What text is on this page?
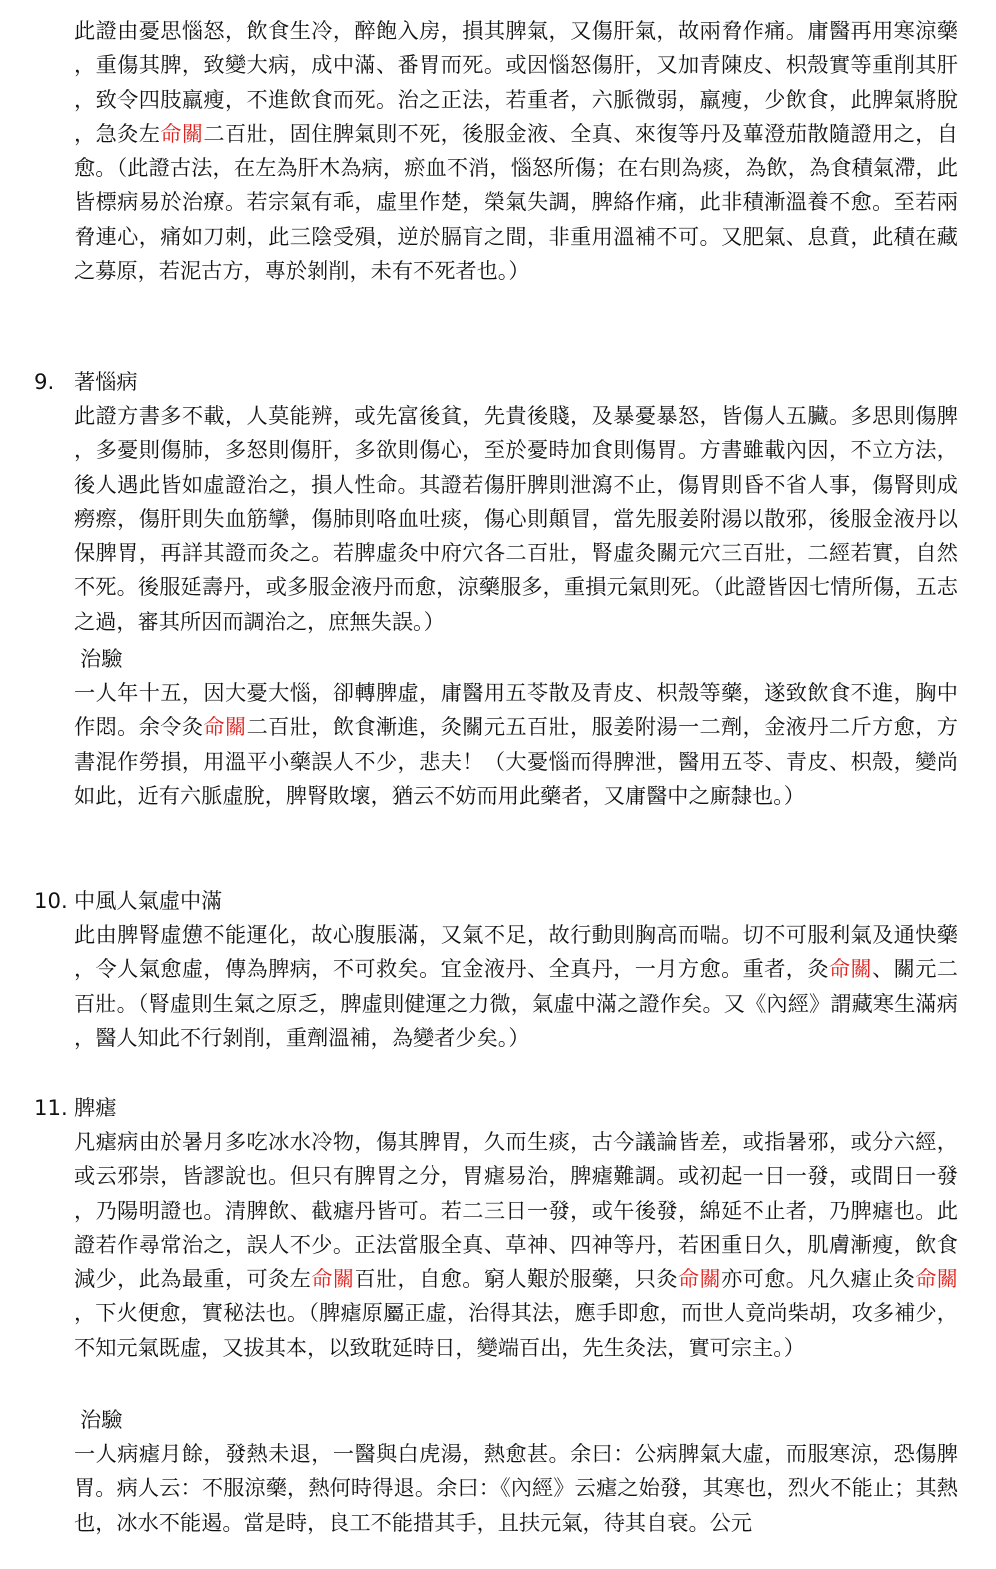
此證由憂思惱怒，飲食生冷，醉飽入房，損其脾氣，又傷肝氣，故兩脅作痛。庸醫再用寒涼藥，重傷其脾，致變大病，成中滿、番胃而死。或因惱怒傷肝，又加青陳皮、枳殼實等重削其肝，致令四肢羸瘦，不進飲食而死。治之正法，若重者，六脈微弱，羸瘦，少飲食，此脾氣將脫，急灸左命關二百壯，固住脾氣則不死，後服金液、全真、來復等丹及蓽澄茄散隨證用之，自愈。（此證古法，在左為肝木為病，瘀血不消，惱怒所傷；在右則為痰，為飲，為食積氣滯，此皆標病易於治療。若宗氣有乖，虛里作楚，榮氣失調，脾絡作痛，此非積漸溫養不愈。至若兩脅連心，痛如刀刺，此三陰受殞，逆於膈肓之間，非重用溫補不可。又肥氣、息賁，此積在藏之募原，若泥古方，專於剝削，未有不死者也。）
9. 著惱病
此證方書多不載，人莫能辨，或先富後貧，先貴後賤，及暴憂暴怒，皆傷人五臟。多思則傷脾，多憂則傷肺，多怒則傷肝，多欲則傷心，至於憂時加食則傷胃。方書雖載內因，不立方法，後人遇此皆如虛證治之，損人性命。其證若傷肝脾則泄瀉不止，傷胃則昏不省人事，傷腎則成癆瘵，傷肝則失血筋攣，傷肺則咯血吐痰，傷心則顛冒，當先服姜附湯以散邪，後服金液丹以保脾胃，再詳其證而灸之。若脾虛灸中府穴各二百壯，腎虛灸關元穴三百壯，二經若實，自然不死。後服延壽丹，或多服金液丹而愈，涼藥服多，重損元氣則死。（此證皆因七情所傷，五志之過，審其所因而調治之，庶無失誤。）
治驗
一人年十五，因大憂大惱，卻轉脾虛，庸醫用五苓散及青皮、枳殼等藥，遂致飲食不進，胸中作悶。余令灸命關二百壯，飲食漸進，灸關元五百壯，服姜附湯一二劑，金液丹二斤方愈，方書混作勞損，用溫平小藥誤人不少，悲夫！（大憂惱而得脾泄，醫用五苓、青皮、枳殼，變尚如此，近有六脈虛脫，脾腎敗壞，猶云不妨而用此藥者，又庸醫中之廝隸也。）
10. 中風人氣虛中滿
此由脾腎虛憊不能運化，故心腹脹滿，又氣不足，故行動則胸高而喘。切不可服利氣及通快藥，令人氣愈虛，傳為脾病，不可救矣。宜金液丹、全真丹，一月方愈。重者，灸命關、關元二百壯。（腎虛則生氣之原乏，脾虛則健運之力微，氣虛中滿之證作矣。又《內經》謂藏寒生滿病，醫人知此不行剝削，重劑溫補，為變者少矣。）
11. 脾瘧
凡瘧病由於暑月多吃冰水冷物，傷其脾胃，久而生痰，古今議論皆差，或指暑邪，或分六經，或云邪崇，皆謬說也。但只有脾胃之分，胃瘧易治，脾瘧難調。或初起一日一發，或間日一發，乃陽明證也。清脾飲、截瘧丹皆可。若二三日一發，或午後發，綿延不止者，乃脾瘧也。此證若作尋常治之，誤人不少。正法當服全真、草神、四神等丹，若困重日久，肌膚漸瘦，飲食減少，此為最重，可灸左命關百壯，自愈。窮人艱於服藥，只灸命關亦可愈。凡久瘧止灸命關，下火便愈，實秘法也。（脾瘧原屬正虛，治得其法，應手即愈，而世人竟尚柴胡，攻多補少，不知元氣既虛，又拔其本，以致耽延時日，變端百出，先生灸法，實可宗主。）
治驗
一人病瘧月餘，發熱未退，一醫與白虎湯，熱愈甚。余曰：公病脾氣大虛，而服寒涼，恐傷脾胃。病人云：不服涼藥，熱何時得退。余曰：《內經》云瘧之始發，其寒也，烈火不能止；其熱也，冰水不能遏。當是時，良工不能措其手，且扶元氣，待其自衰。公元
